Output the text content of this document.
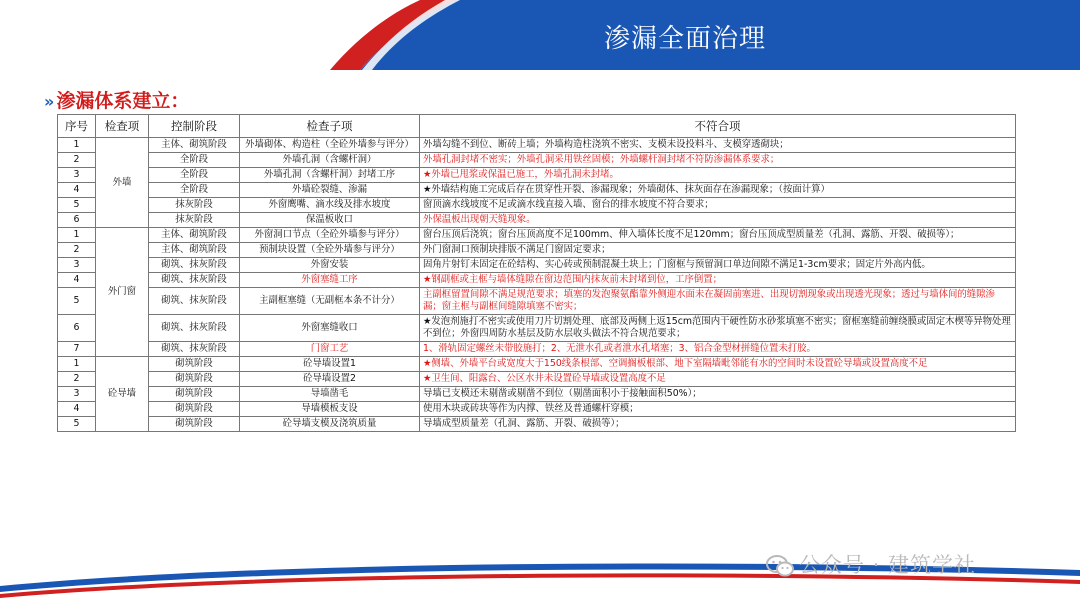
渗漏全面治理
» 渗漏体系建立：
序号	检查项	控制阶段	检查子项	不符合项
1	外墙	主体、砌筑阶段	外墙砌体、构造柱（全砼外墙参与评分）	外墙勾缝不到位、断砖上墙；外墙构造柱浇筑不密实、支模未设投料斗、支模穿透砌块；
2		全阶段	外墙孔洞（含螺杆洞）	外墙孔洞封堵不密实；外墙孔洞采用铁丝固模；外墙螺杆洞封堵不符防渗漏体系要求；
3		全阶段	外墙孔洞（含螺杆洞）封堵工序	★外墙已甩浆或保温已施工，外墙孔洞未封堵。
4		全阶段	外墙砼裂缝、渗漏	★外墙结构施工完成后存在贯穿性开裂、渗漏现象；外墙砌体、抹灰面存在渗漏现象；（按面计算）
5		抹灰阶段	外窗鹰嘴、滴水线及排水坡度	窗顶滴水线坡度不足或滴水线直接入墙、窗台的排水坡度不符合要求；
6		抹灰阶段	保温板收口	外保温板出现朝天缝现象。
1	外门窗	主体、砌筑阶段	外窗洞口节点（全砼外墙参与评分）	窗台压顶后浇筑；窗台压顶高度不足100mm、伸入墙体长度不足120mm；窗台压顶成型质量差（孔洞、露筋、开裂、破损等）；
2		主体、砌筑阶段	预制块设置（全砼外墙参与评分）	外门窗洞口预制块排版不满足门窗固定要求；
3		砌筑、抹灰阶段	外窗安装	固角片射钉未固定在砼结构、实心砖或预制混凝土块上；门窗框与预留洞口单边间隙不满足1-3cm要求；固定片外高内低。
4		砌筑、抹灰阶段	外窗塞缝工序	★钢副框或主框与墙体缝隙在窗边范围内抹灰前未封堵到位，工序倒置；
5		砌筑、抹灰阶段	主副框塞缝（无副框本条不计分）	主副框留置间隙不满足规范要求；填塞的发泡聚氨酯靠外侧迎水面未在凝固前塞进、出现切割现象或出现透光现象；透过与墙体间的缝隙渗漏；窗主框与副框间缝隙填塞不密实；
6		砌筑、抹灰阶段	外窗塞缝收口	★发泡剂施打不密实或使用刀片切割处理、底部及两侧上返15cm范围内干硬性防水砂浆填塞不密实；窗框塞缝前缠绕膜或固定木楔等异物处理不到位；外窗四周防水基层及防水层收头做法不符合规范要求；
7		砌筑、抹灰阶段	门窗工艺	1、滑轨固定螺丝未带胶施打；2、无泄水孔或者泄水孔堵塞；3、铝合金型材拼缝位置未打胶。
1	砼导墙	砌筑阶段	砼导墙设置1	★侧墙、外墙平台或宽度大于150线条根部、空调搁板根部、地下室隔墙毗邻能有水的空间时未设置砼导墙或设置高度不足
2		砌筑阶段	砼导墙设置2	★卫生间、阳露台、公区水井未设置砼导墙或设置高度不足
3		砌筑阶段	导墙凿毛	导墙已支模还未剔凿或剔凿不到位（剔凿面积小于接触面积50%）；
4		砌筑阶段	导墙模板支设	使用木块或砖块等作为内撑、铁丝及普通螺杆穿模；
5		砌筑阶段	砼导墙支模及浇筑质量	导墙成型质量差（孔洞、露筋、开裂、破损等）；
公众号 · 建筑学社
